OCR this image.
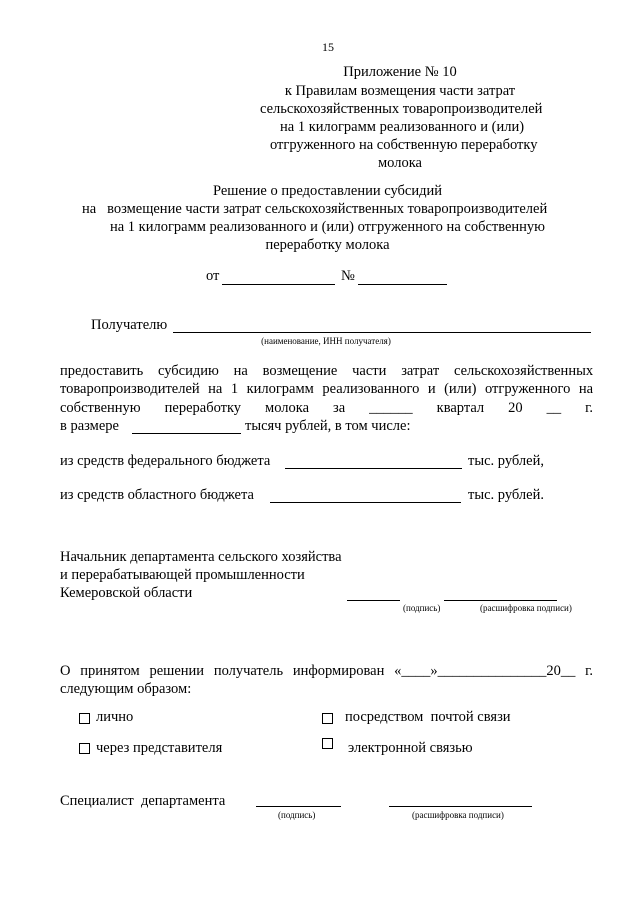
15
Приложение № 10
к Правилам возмещения части затрат
сельскохозяйственных товаропроизводителей
на 1 килограмм реализованного и (или)
отгруженного на собственную переработку
молока
Решение о предоставлении субсидий
на   возмещение части затрат сельскохозяйственных товаропроизводителей
на 1 килограмм реализованного и (или) отгруженного на собственную
переработку молока
от	№
Получателю
(наименование, ИНН получателя)
предоставить субсидию на возмещение части затрат сельскохозяйственных
товаропроизводителей на 1 килограмм реализованного и (или) отгруженного на
собственную переработку молока за ______ квартал 20 __ г.
в размере	тысяч рублей, в том числе:
из средств федерального бюджета	тыс. рублей,
из средств областного бюджета	тыс. рублей.
Начальник департамента сельского хозяйства
и перерабатывающей промышленности
Кемеровской области
(подпись)	(расшифровка подписи)
О принятом решении получатель информирован «____»_______________20__ г.
следующим образом:
лично	посредством  почтой связи
через представителя	электронной связью
Специалист  департамента
(подпись)	(расшифровка подписи)
